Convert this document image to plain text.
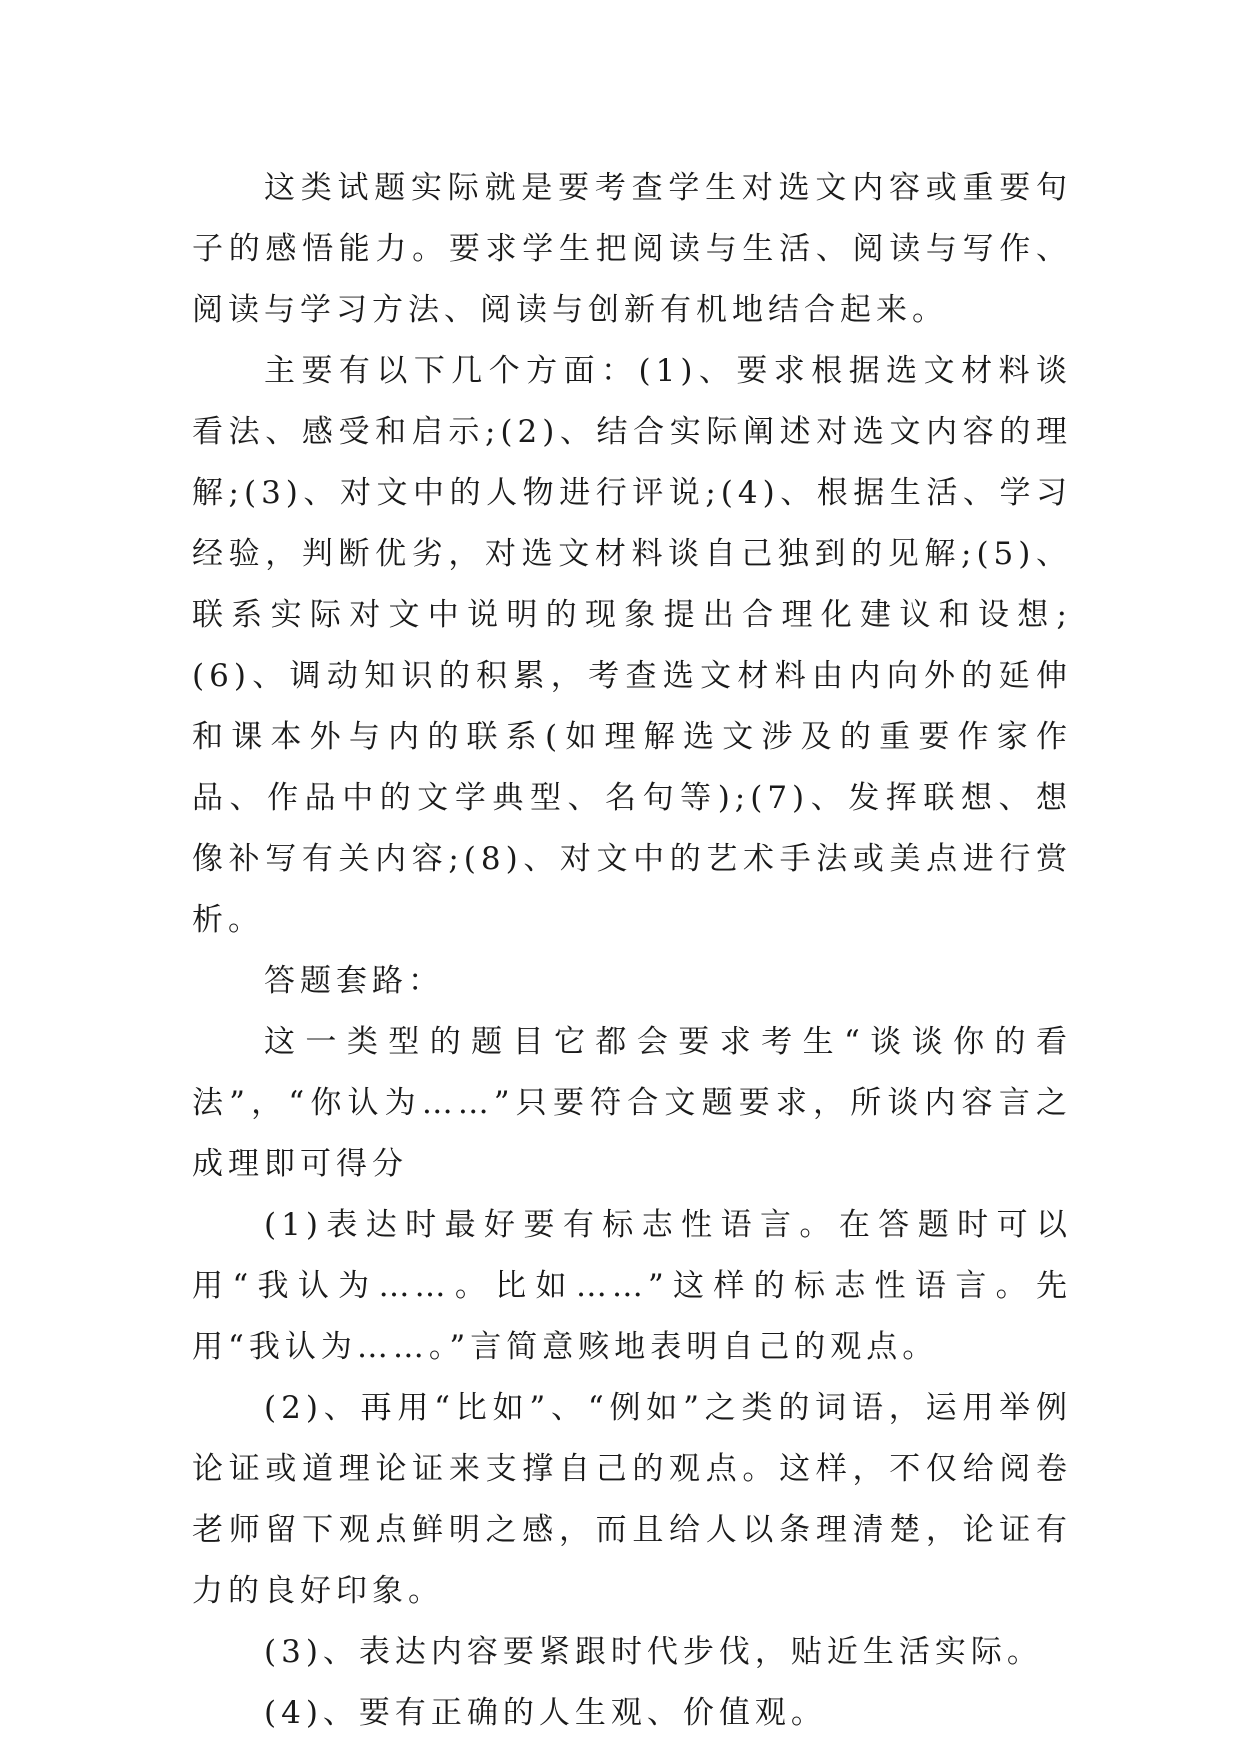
这类试题实际就是要考查学生对选文内容或重要句子的感悟能力。要求学生把阅读与生活、阅读与写作、阅读与学习方法、阅读与创新有机地结合起来。

主要有以下几个方面：(1)、要求根据选文材料谈看法、感受和启示;(2)、结合实际阐述对选文内容的理解;(3)、对文中的人物进行评说;(4)、根据生活、学习经验，判断优劣，对选文材料谈自己独到的见解;(5)、联系实际对文中说明的现象提出合理化建议和设想;(6)、调动知识的积累，考查选文材料由内向外的延伸和课本外与内的联系(如理解选文涉及的重要作家作品、作品中的文学典型、名句等);(7)、发挥联想、想像补写有关内容;(8)、对文中的艺术手法或美点进行赏析。

答题套路：

这一类型的题目它都会要求考生“谈谈你的看法”，“你认为……”只要符合文题要求，所谈内容言之成理即可得分

(1)表达时最好要有标志性语言。在答题时可以用“我认为……。比如……”这样的标志性语言。先用“我认为……。”言简意赅地表明自己的观点。

(2)、再用“比如”、“例如”之类的词语，运用举例论证或道理论证来支撑自己的观点。这样，不仅给阅卷老师留下观点鲜明之感，而且给人以条理清楚，论证有力的良好印象。

(3)、表达内容要紧跟时代步伐，贴近生活实际。

(4)、要有正确的人生观、价值观。
